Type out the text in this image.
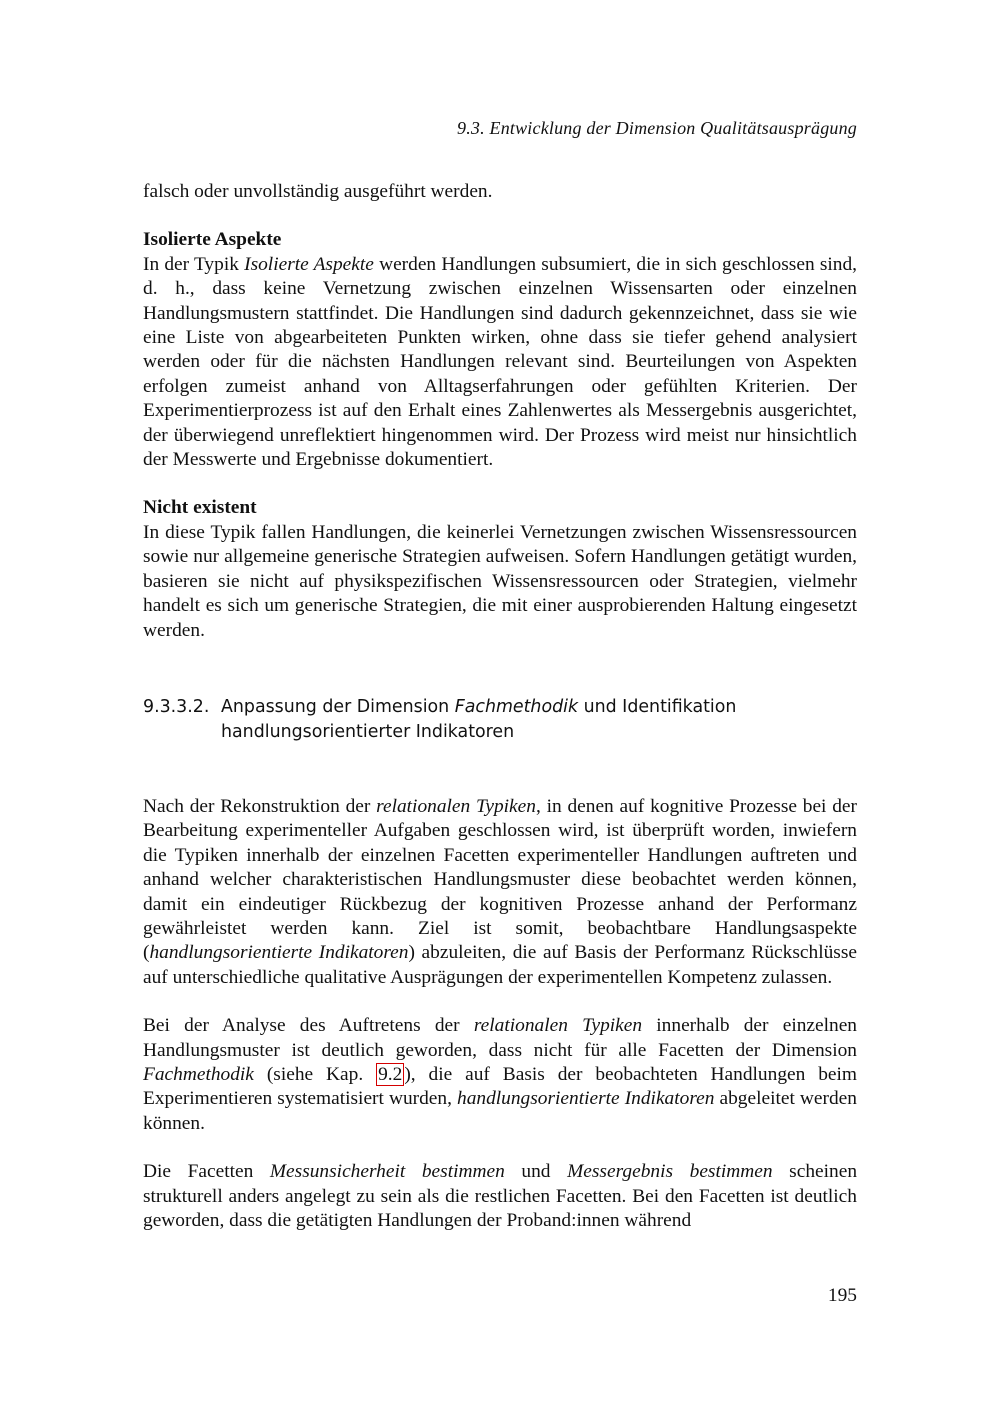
9.3. Entwicklung der Dimension Qualitätsausprägung

falsch oder unvollständig ausgeführt werden.

Isolierte Aspekte

In der Typik Isolierte Aspekte werden Handlungen subsumiert, die in sich geschlossen sind, d. h., dass keine Vernetzung zwischen einzelnen Wissensarten oder einzelnen Handlungsmustern stattfindet. Die Handlungen sind dadurch gekennzeichnet, dass sie wie eine Liste von abgearbeiteten Punkten wirken, ohne dass sie tiefer gehend analysiert werden oder für die nächsten Handlungen relevant sind. Beurteilungen von Aspekten erfolgen zumeist anhand von Alltagserfahrungen oder gefühlten Kriterien. Der Experimentierprozess ist auf den Erhalt eines Zahlenwertes als Messergebnis ausgerichtet, der überwiegend unreflektiert hingenommen wird. Der Prozess wird meist nur hinsichtlich der Messwerte und Ergebnisse dokumentiert.

Nicht existent

In diese Typik fallen Handlungen, die keinerlei Vernetzungen zwischen Wissensressourcen sowie nur allgemeine generische Strategien aufweisen. Sofern Handlungen getätigt wurden, basieren sie nicht auf physikspezifischen Wissensressourcen oder Strategien, vielmehr handelt es sich um generische Strategien, die mit einer ausprobierenden Haltung eingesetzt werden.

9.3.3.2. Anpassung der Dimension Fachmethodik und Identifikation handlungsorientierter Indikatoren

Nach der Rekonstruktion der relationalen Typiken, in denen auf kognitive Prozesse bei der Bearbeitung experimenteller Aufgaben geschlossen wird, ist überprüft worden, inwiefern die Typiken innerhalb der einzelnen Facetten experimenteller Handlungen auftreten und anhand welcher charakteristischen Handlungsmuster diese beobachtet werden können, damit ein eindeutiger Rückbezug der kognitiven Prozesse anhand der Performanz gewährleistet werden kann. Ziel ist somit, beobachtbare Handlungsaspekte (handlungsorientierte Indikatoren) abzuleiten, die auf Basis der Performanz Rückschlüsse auf unterschiedliche qualitative Ausprägungen der experimentellen Kompetenz zulassen.

Bei der Analyse des Auftretens der relationalen Typiken innerhalb der einzelnen Handlungsmuster ist deutlich geworden, dass nicht für alle Facetten der Dimension Fachmethodik (siehe Kap. 9.2 ), die auf Basis der beobachteten Handlungen beim Experimentieren systematisiert wurden, handlungsorientierte Indikatoren abgeleitet werden können.

Die Facetten Messunsicherheit bestimmen und Messergebnis bestimmen scheinen strukturell anders angelegt zu sein als die restlichen Facetten. Bei den Facetten ist deutlich geworden, dass die getätigten Handlungen der Proband:innen während

195
